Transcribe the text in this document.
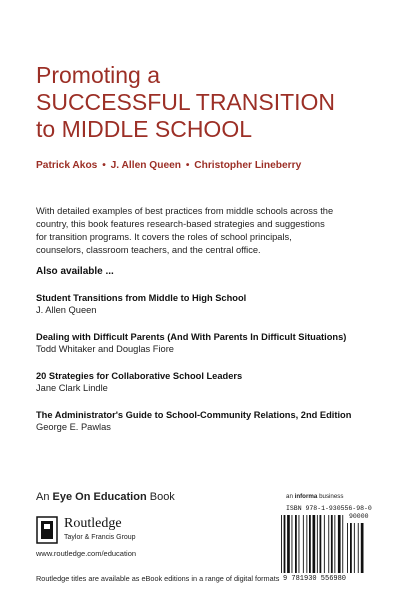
Promoting a
SUCCESSFUL TRANSITION
to MIDDLE SCHOOL
Patrick Akos • J. Allen Queen • Christopher Lineberry
With detailed examples of best practices from middle schools across the country, this book features research-based strategies and suggestions for transition programs. It covers the roles of school principals, counselors, classroom teachers, and the central office.
Also available ...
Student Transitions from Middle to High School
J. Allen Queen
Dealing with Difficult Parents (And With Parents In Difficult Situations)
Todd Whitaker and Douglas Fiore
20 Strategies for Collaborative School Leaders
Jane Clark Lindle
The Administrator's Guide to School-Community Relations, 2nd Edition
George E. Pawlas
An Eye On Education Book
Routledge
Taylor & Francis Group
www.routledge.com/education
Routledge titles are available as eBook editions in a range of digital formats
an informa business
ISBN 978-1-930556-98-0
90000
9 781930 556980
